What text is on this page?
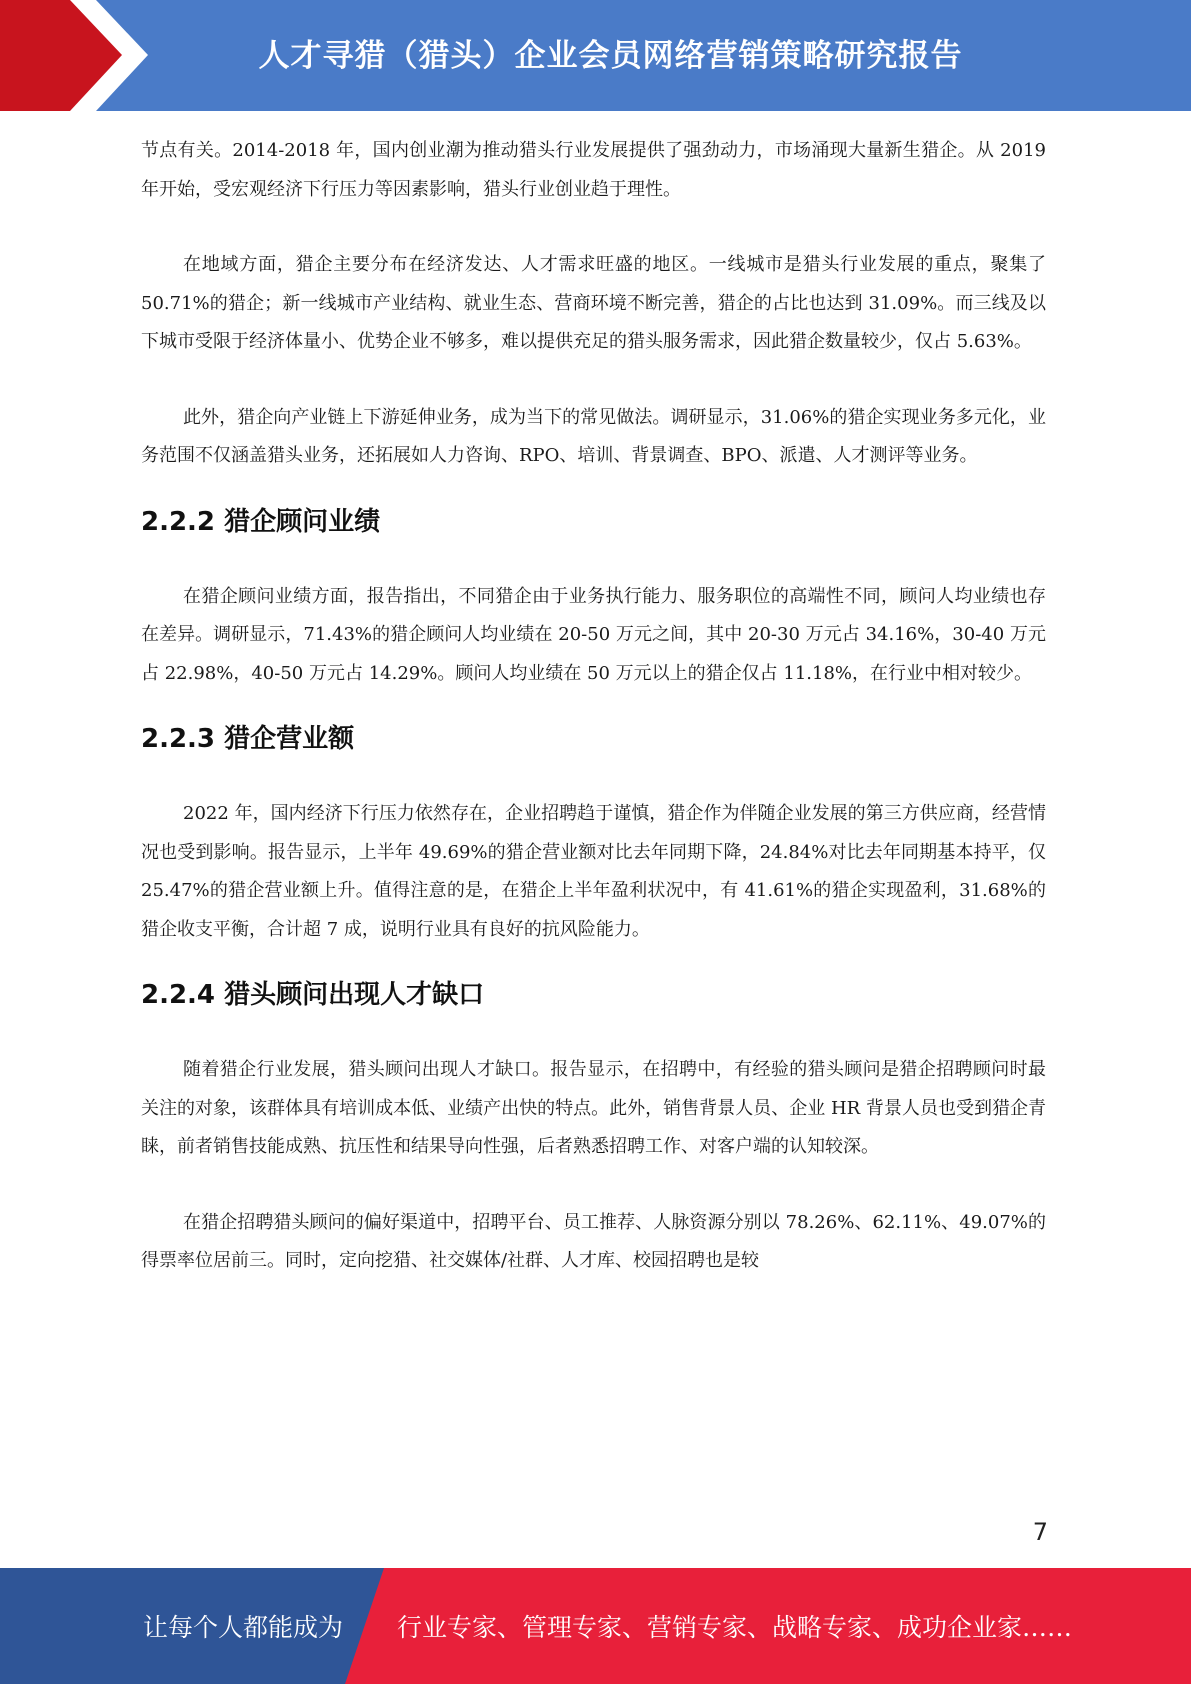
人才寻猎（猎头）企业会员网络营销策略研究报告

节点有关。2014-2018 年，国内创业潮为推动猎头行业发展提供了强劲动力，市场涌现大量新生猎企。从 2019 年开始，受宏观经济下行压力等因素影响，猎头行业创业趋于理性。

在地域方面，猎企主要分布在经济发达、人才需求旺盛的地区。一线城市是猎头行业发展的重点，聚集了 50.71%的猎企；新一线城市产业结构、就业生态、营商环境不断完善，猎企的占比也达到 31.09%。而三线及以下城市受限于经济体量小、优势企业不够多，难以提供充足的猎头服务需求，因此猎企数量较少，仅占 5.63%。

此外，猎企向产业链上下游延伸业务，成为当下的常见做法。调研显示，31.06%的猎企实现业务多元化，业务范围不仅涵盖猎头业务，还拓展如人力咨询、RPO、培训、背景调查、BPO、派遣、人才测评等业务。

2.2.2 猎企顾问业绩

在猎企顾问业绩方面，报告指出，不同猎企由于业务执行能力、服务职位的高端性不同，顾问人均业绩也存在差异。调研显示，71.43%的猎企顾问人均业绩在 20-50 万元之间，其中 20-30 万元占 34.16%，30-40 万元占 22.98%，40-50 万元占 14.29%。顾问人均业绩在 50 万元以上的猎企仅占 11.18%，在行业中相对较少。

2.2.3 猎企营业额

2022 年，国内经济下行压力依然存在，企业招聘趋于谨慎，猎企作为伴随企业发展的第三方供应商，经营情况也受到影响。报告显示，上半年 49.69%的猎企营业额对比去年同期下降，24.84%对比去年同期基本持平，仅 25.47%的猎企营业额上升。值得注意的是，在猎企上半年盈利状况中，有 41.61%的猎企实现盈利，31.68%的猎企收支平衡，合计超 7 成，说明行业具有良好的抗风险能力。

2.2.4 猎头顾问出现人才缺口

随着猎企行业发展，猎头顾问出现人才缺口。报告显示，在招聘中，有经验的猎头顾问是猎企招聘顾问时最关注的对象，该群体具有培训成本低、业绩产出快的特点。此外，销售背景人员、企业 HR 背景人员也受到猎企青睐，前者销售技能成熟、抗压性和结果导向性强，后者熟悉招聘工作、对客户端的认知较深。

在猎企招聘猎头顾问的偏好渠道中，招聘平台、员工推荐、人脉资源分别以 78.26%、62.11%、49.07%的得票率位居前三。同时，定向挖猎、社交媒体/社群、人才库、校园招聘也是较

7
让每个人都能成为 行业专家、管理专家、营销专家、战略专家、成功企业家……
